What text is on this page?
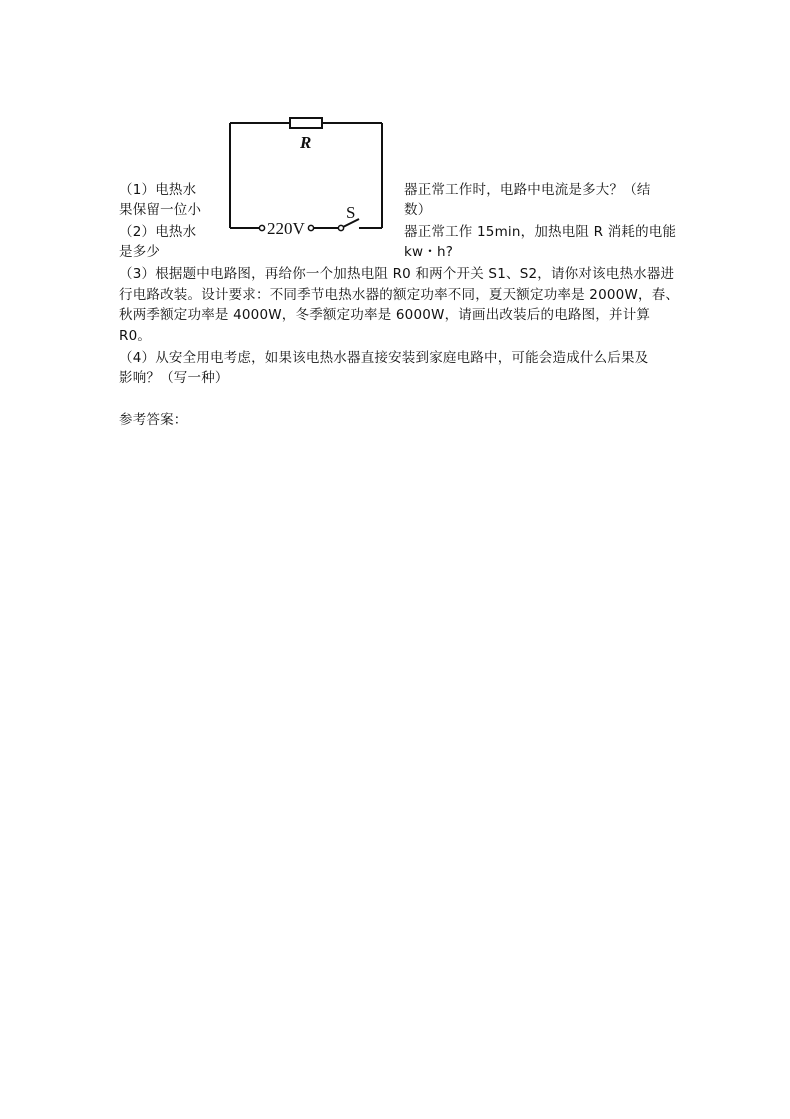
R
220V
S
（1）电热水	器正常工作时，电路中电流是多大？（结
果保留一位小	数）
（2）电热水	器正常工作 15min，加热电阻 R 消耗的电能
是多少	kw・h?
（3）根据题中电路图，再给你一个加热电阻 R0 和两个开关 S1、S2，请你对该电热水器进
行电路改装。设计要求：不同季节电热水器的额定功率不同，夏天额定功率是 2000W，春、
秋两季额定功率是 4000W，冬季额定功率是 6000W，请画出改装后的电路图，并计算
R0。
（4）从安全用电考虑，如果该电热水器直接安装到家庭电路中，可能会造成什么后果及
影响？（写一种）
参考答案：
